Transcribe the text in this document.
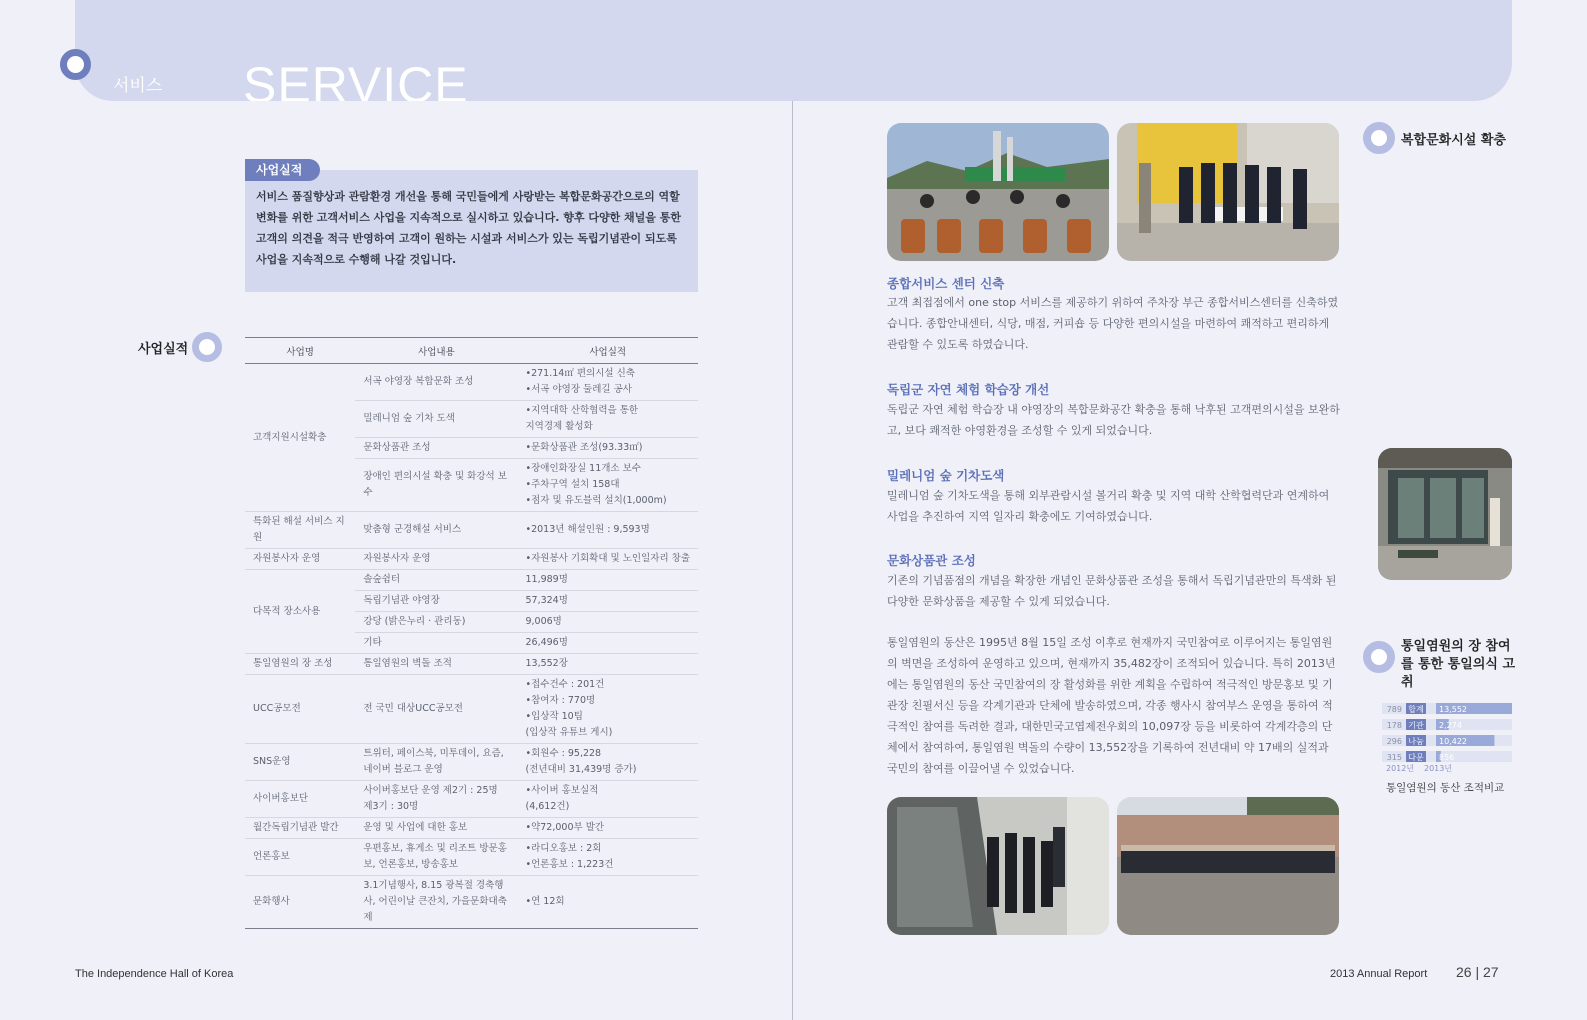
서비스 SERVICE
사업실적
서비스 품질향상과 관람환경 개선을 통해 국민들에게 사랑받는 복합문화공간으로의 역할변화를 위한 고객서비스 사업을 지속적으로 실시하고 있습니다. 향후 다양한 채널을 통한 고객의 의견을 적극 반영하여 고객이 원하는 시설과 서비스가 있는 독립기념관이 되도록 사업을 지속적으로 수행해 나갈 것입니다.
사업실적	사업명	사업내용	사업실적
고객지원시설확충	서곡 야영장 복합문화 조성	•271.14㎡ 편의시설 신축
•서곡 야영장 둘레길 공사

	밀레니엄 숲 기차 도색	•지역대학 산학협력을 통한
지역경제 활성화

	문화상품관 조성	•문화상품관 조성(93.33㎡)

	장애인 편의시설 확충 및 화강석 보수	•장애인화장실 11개소 보수
•주차구역 설치 158대
•점자 및 유도블럭 설치(1,000m)

특화된 해설 서비스 지원	맞춤형 군경해설 서비스	•2013년 해설인원 : 9,593명

자원봉사자 운영	자원봉사자 운영	•자원봉사 기회확대 및 노인일자리 창출

다목적 장소사용	솔숲쉼터	11,989명

	독립기념관 야영장	57,324명

	강당 (밝은누리 · 관리동)	9,006명

	기타	26,496명

통일염원의 장 조성	통일염원의 벽돌 조적	13,552장

UCC공모전	전 국민 대상UCC공모전	•접수건수 : 201건
•참여자 : 770명
•입상작 10팀
(입상작 유튜브 게시)

SNS운영	트위터, 페이스북, 미투데이, 요즘, 네이버 블로그 운영	•회원수 : 95,228
(전년대비 31,439명 증가)

사이버홍보단	사이버홍보단 운영 제2기 : 25명 제3기 : 30명	•사이버 홍보실적
(4,612건)

월간독립기념관 발간	운영 및 사업에 대한 홍보	•약72,000부 발간

언론홍보	우편홍보, 휴게소 및 리조트 방문홍보, 언론홍보, 방송홍보	•라디오홍보 : 2회
•언론홍보 : 1,223건

문화행사	3.1기념행사, 8.15 광복절 경축행사, 어린이날 큰잔치, 가을문화대축제	•연 12회
복합문화시설 확충
통일염원의 장 참여를 통한 통일의식 고취
종합서비스 센터 신축
고객 최접점에서 one stop 서비스를 제공하기 위하여 주차장 부근 종합서비스센터를 신축하였습니다. 종합안내센터, 식당, 매점, 커피숍 등 다양한 편의시설을 마련하여 쾌적하고 편리하게 관람할 수 있도록 하였습니다.
독립군 자연 체험 학습장 개선
독립군 자연 체험 학습장 내 야영장의 복합문화공간 확충을 통해 낙후된 고객편의시설을 보완하고, 보다 쾌적한 야영환경을 조성할 수 있게 되었습니다.
밀레니엄 숲 기차도색
밀레니엄 숲 기차도색을 통해 외부관람시설 볼거리 확충 및 지역 대학 산학협력단과 연계하여 사업을 추진하여 지역 일자리 확충에도 기여하였습니다.
문화상품관 조성
기존의 기념품점의 개념을 확장한 개념인 문화상품관 조성을 통해서 독립기념관만의 특색화 된 다양한 문화상품을 제공할 수 있게 되었습니다.
통일염원의 동산은 1995년 8월 15일 조성 이후로 현재까지 국민참여로 이루어지는 통일염원의 벽면을 조성하여 운영하고 있으며, 현재까지 35,482장이 조적되어 있습니다. 특히 2013년에는 통일염원의 동산 국민참여의 장 활성화를 위한 계획을 수립하여 적극적인 방문홍보 및 기관장 친필서신 등을 각계기관과 단체에 발송하였으며, 각종 행사시 참여부스 운영을 통하여 적극적인 참여를 독려한 결과, 대한민국고엽제전우회의 10,097장 등을 비롯하여 각계각층의 단체에서 참여하여, 통일염원 벽돌의 수량이 13,552장을 기록하여 전년대비 약 17배의 실적과 국민의 참여를 이끌어낼 수 있었습니다.
789 합계 13,552
178 기관 2,274
296 나눔 10,422
315 다문 856
2012년 2013년
통일염원의 동산 조적비교
The Independence Hall of Korea	2013 Annual Report 26 | 27
